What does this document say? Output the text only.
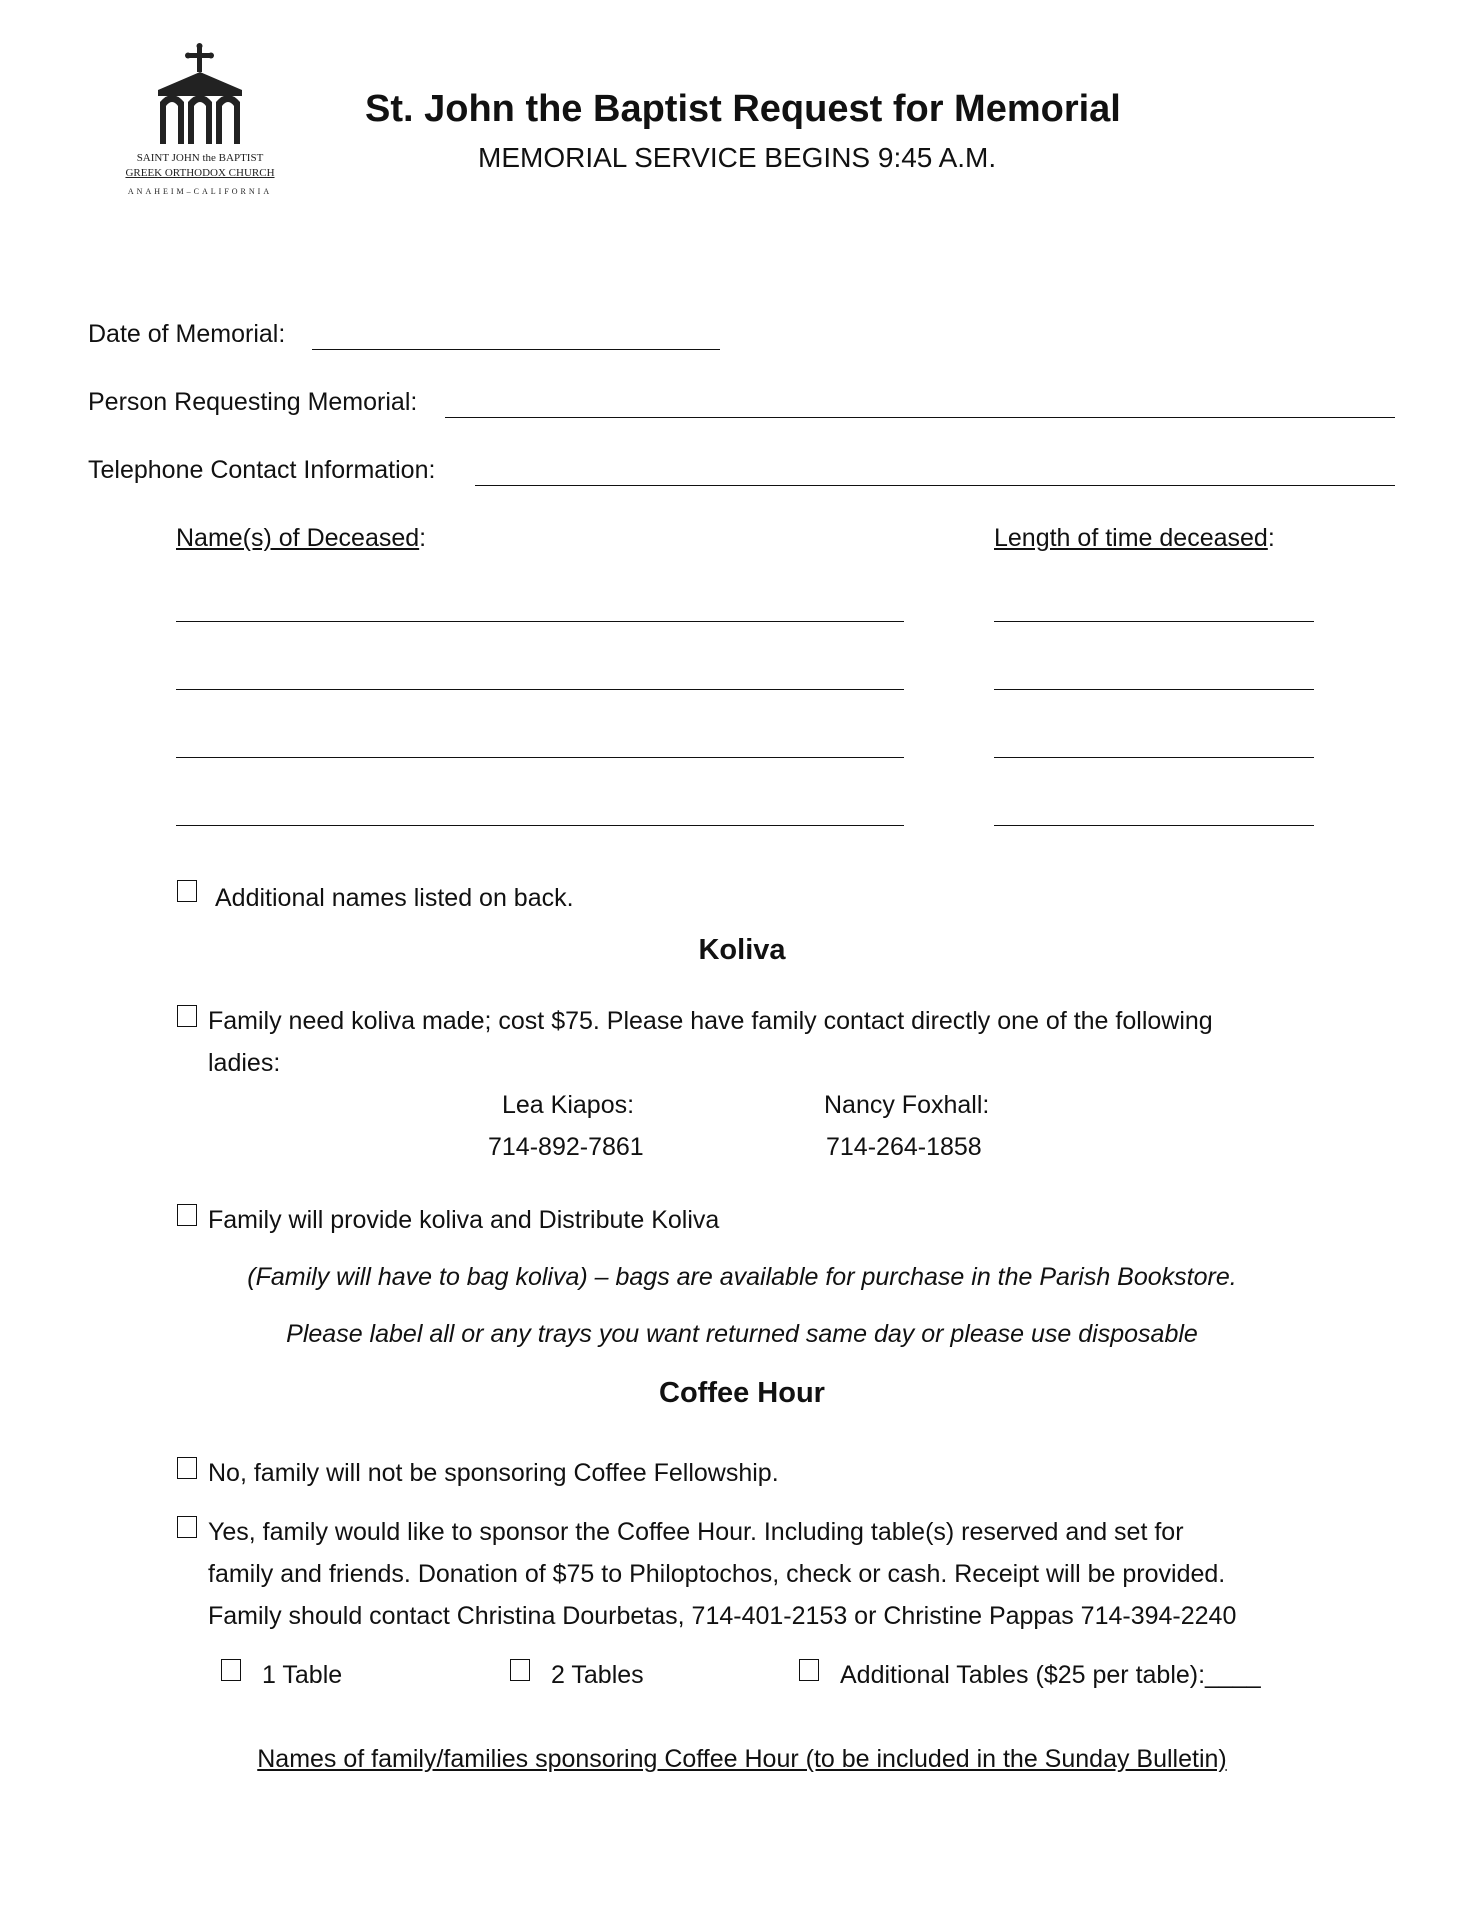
SAINT JOHN the BAPTIST
GREEK ORTHODOX CHURCH
ANAHEIM–CALIFORNIA
St. John the Baptist Request for Memorial
MEMORIAL SERVICE BEGINS 9:45 A.M.
Date of Memorial:
Person Requesting Memorial:
Telephone Contact Information:
Name(s) of Deceased:	Length of time deceased:
Additional names listed on back.
Koliva
Family need koliva made; cost $75. Please have family contact directly one of the following
ladies:
Lea Kiapos:
714-892-7861
Nancy Foxhall:
714-264-1858
Family will provide koliva and Distribute Koliva
(Family will have to bag koliva) – bags are available for purchase in the Parish Bookstore.
Please label all or any trays you want returned same day or please use disposable
Coffee Hour
No, family will not be sponsoring Coffee Fellowship.
Yes, family would like to sponsor the Coffee Hour. Including table(s) reserved and set for
family and friends. Donation of $75 to Philoptochos, check or cash. Receipt will be provided.
Family should contact Christina Dourbetas, 714-401-2153 or Christine Pappas 714-394-2240
1 Table	2 Tables	Additional Tables ($25 per table):____
Names of family/families sponsoring Coffee Hour (to be included in the Sunday Bulletin)
